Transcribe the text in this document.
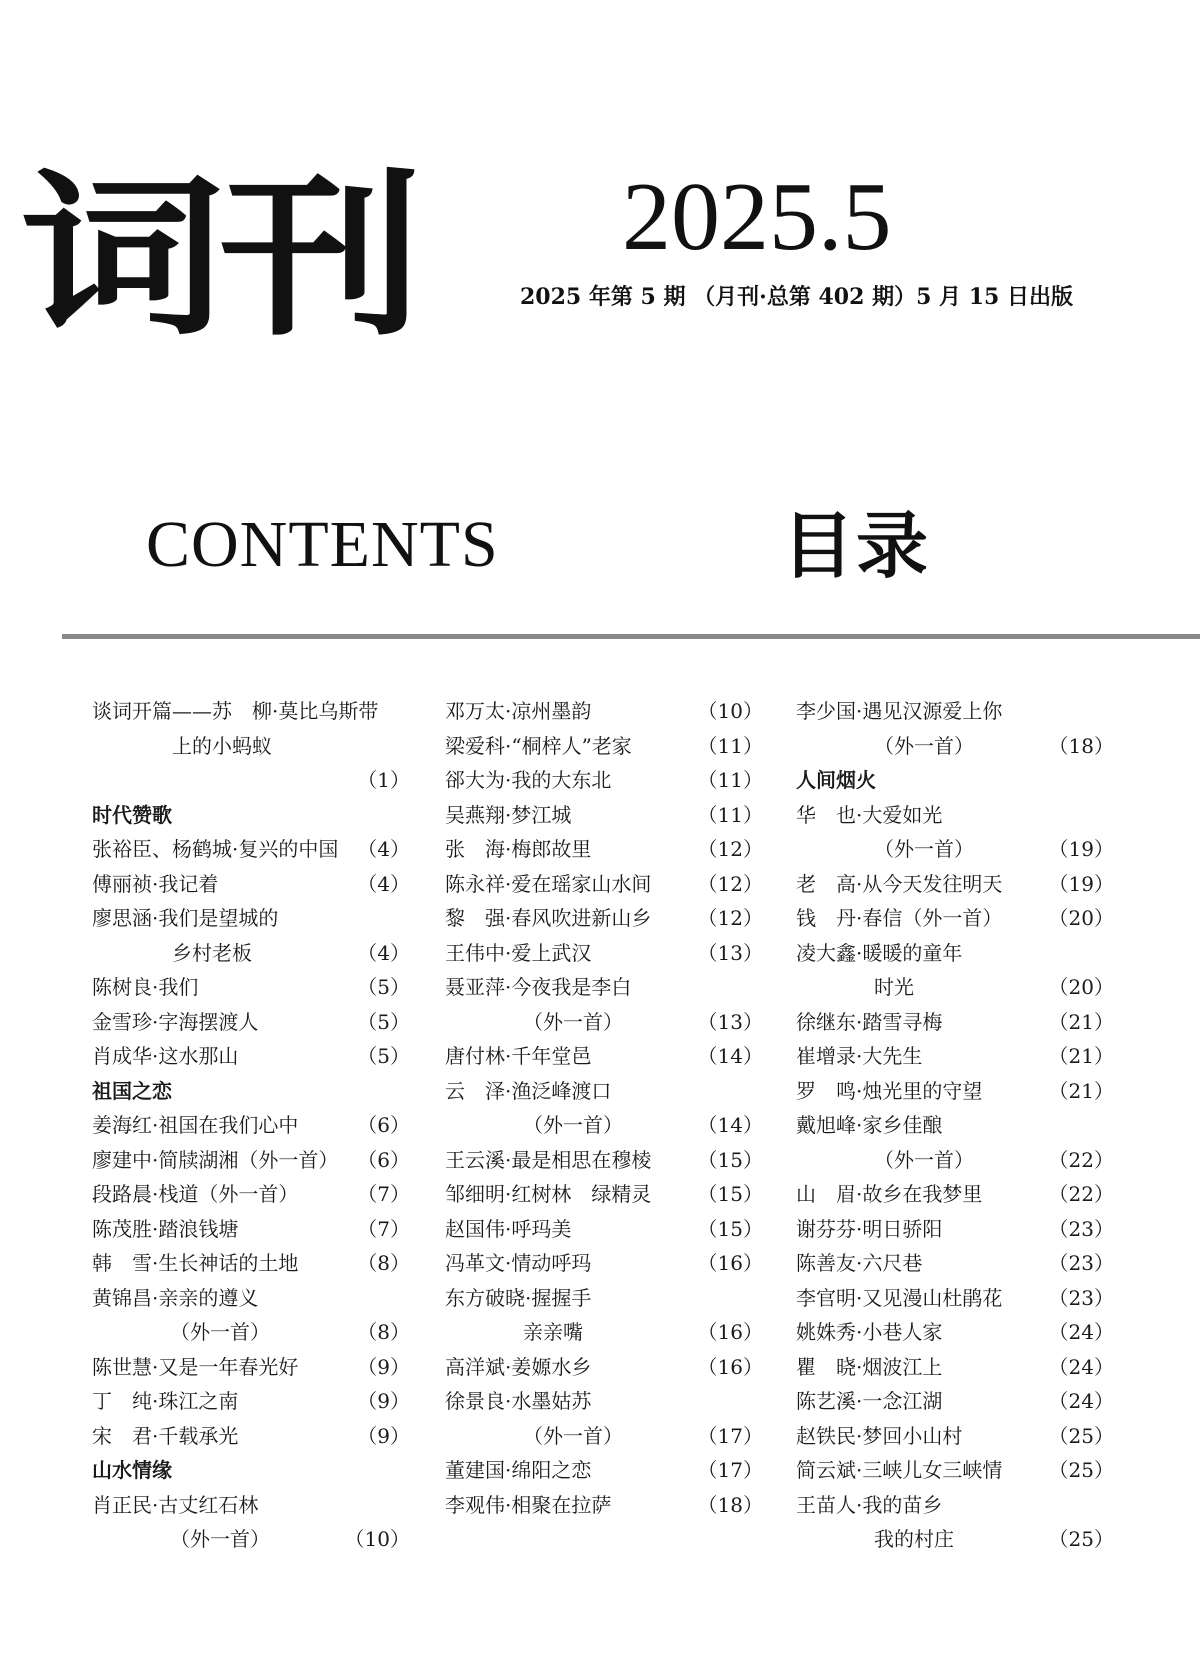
词刊 2025.5
2025 年第 5 期 （月刊·总第 402 期）5 月 15 日出版
CONTENTS	目录
谈词开篇——苏　柳·莫比乌斯带
上的小蚂蚁
（1）
时代赞歌
张裕臣、杨鹤城·复兴的中国 （4）
傅丽祯·我记着	（4）
廖思涵·我们是望城的
乡村老板	（4）
陈树良·我们	（5）
金雪珍·字海摆渡人	（5）
肖成华·这水那山	（5）
祖国之恋
姜海红·祖国在我们心中	（6）
廖建中·简牍湖湘（外一首） （6）
段路晨·栈道（外一首）	（7）
陈茂胜·踏浪钱塘	（7）
韩　雪·生长神话的土地	（8）
黄锦昌·亲亲的遵义
（外一首）	（8）
陈世慧·又是一年春光好	（9）
丁　纯·珠江之南	（9）
宋　君·千载承光	（9）
山水情缘
肖正民·古丈红石林
（外一首）	（10）
邓万太·凉州墨韵	（10）
梁爱科·“桐梓人”老家	（11）
郤大为·我的大东北	（11）
吴燕翔·梦江城	（11）
张　海·梅郎故里	（12）
陈永祥·爱在瑶家山水间	（12）
黎　强·春风吹进新山乡	（12）
王伟中·爱上武汉	（13）
聂亚萍·今夜我是李白
（外一首）	（13）
唐付林·千年堂邑	（14）
云　泽·渔泛峰渡口
（外一首）	（14）
王云溪·最是相思在穆棱	（15）
邹细明·红树林　绿精灵	（15）
赵国伟·呼玛美	（15）
冯革文·情动呼玛	（16）
东方破晓·握握手
亲亲嘴	（16）
高洋斌·姜嫄水乡	（16）
徐景良·水墨姑苏
（外一首）	（17）
董建国·绵阳之恋	（17）
李观伟·相聚在拉萨	（18）
李少国·遇见汉源爱上你
（外一首）	（18）
人间烟火
华　也·大爱如光
（外一首）	（19）
老　高·从今天发往明天	（19）
钱　丹·春信（外一首）	（20）
凌大鑫·暖暖的童年
时光	（20）
徐继东·踏雪寻梅	（21）
崔增录·大先生	（21）
罗　鸣·烛光里的守望	（21）
戴旭峰·家乡佳酿
（外一首）	（22）
山　眉·故乡在我梦里	（22）
谢芬芬·明日骄阳	（23）
陈善友·六尺巷	（23）
李官明·又见漫山杜鹃花	（23）
姚姝秀·小巷人家	（24）
瞿　晓·烟波江上	（24）
陈艺溪·一念江湖	（24）
赵铁民·梦回小山村	（25）
简云斌·三峡儿女三峡情	（25）
王苗人·我的苗乡
我的村庄	（25）
